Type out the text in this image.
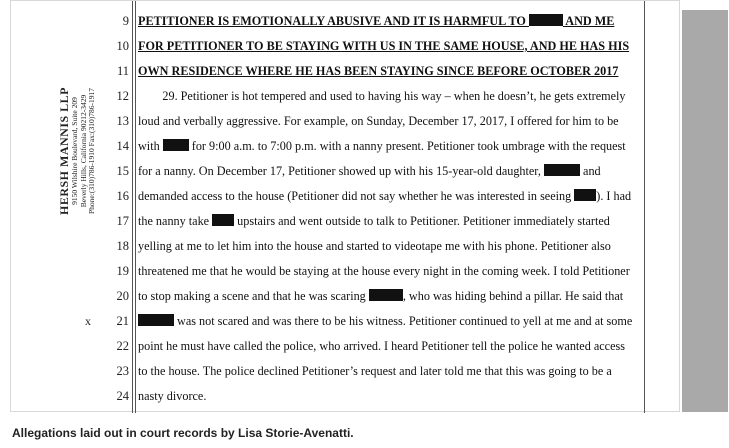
HERSH MANNIS LLP 9150 Wilshire Boulevard, Suite 209 Beverly Hills, California 90212-3429 Phone:(310)786-1910 Fax:(310)786-1917
9 PETITIONER IS EMOTIONALLY ABUSIVE AND IT IS HARMFUL TO	AND ME
10 FOR PETITIONER TO BE STAYING WITH US IN THE SAME HOUSE, AND HE HAS HIS
11 OWN RESIDENCE WHERE HE HAS BEEN STAYING SINCE BEFORE OCTOBER 2017
12 29. Petitioner is hot tempered and used to having his way – when he doesn’t, he gets extremely
13 loud and verbally aggressive. For example, on Sunday, December 17, 2017, I offered for him to be
14 with  for 9:00 a.m. to 7:00 p.m. with a nanny present. Petitioner took umbrage with the request
15 for a nanny. On December 17, Petitioner showed up with his 15-year-old daughter,	and
16 demanded access to the house (Petitioner did not say whether he was interested in seeing ). I had
17 the nanny take  upstairs and went outside to talk to Petitioner. Petitioner immediately started
18 yelling at me to let him into the house and started to videotape me with his phone. Petitioner also
19 threatened me that he would be staying at the house every night in the coming week. I told Petitioner
20 to stop making a scene and that he was scaring	, who was hiding behind a pillar. He said that
x	21	was not scared and was there to be his witness. Petitioner continued to yell at me and at some
22 point he must have called the police, who arrived. I heard Petitioner tell the police he wanted access
23 to the house. The police declined Petitioner’s request and later told me that this was going to be a
24 nasty divorce.
Allegations laid out in court records by Lisa Storie-Avenatti.
